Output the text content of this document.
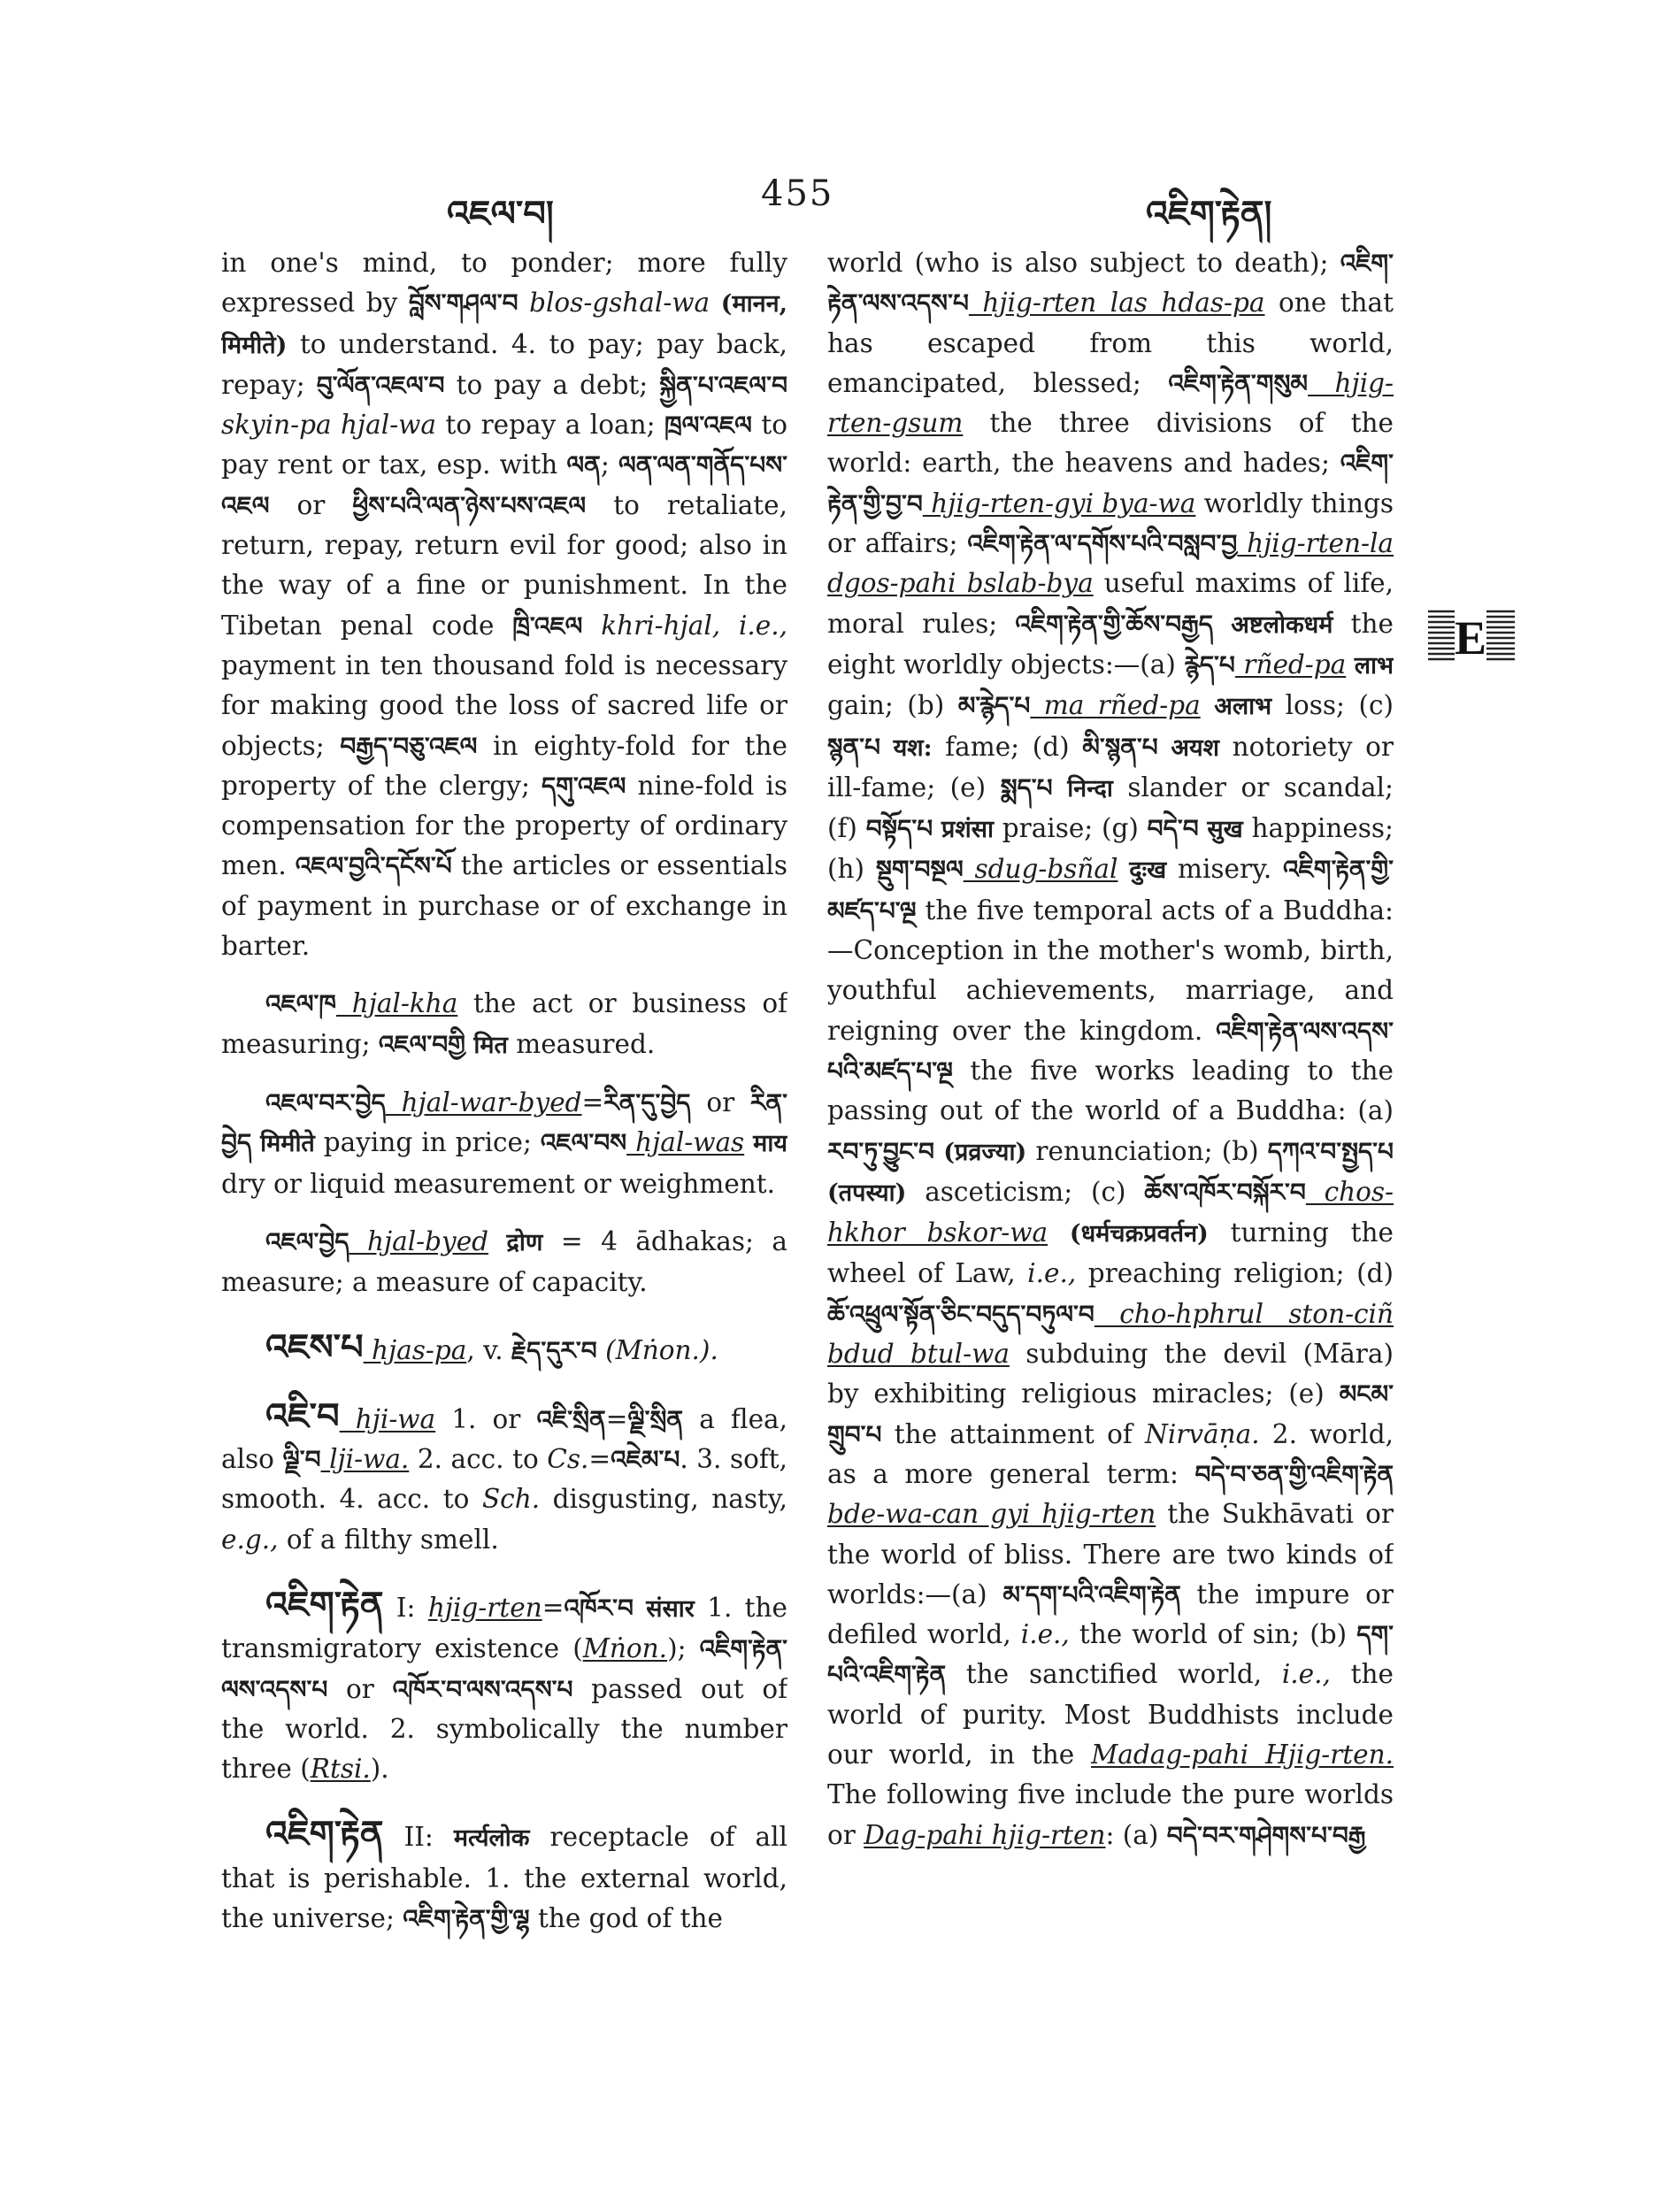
འཇལ་བ།	455	འཇིག་རྟེན།
E

in one's mind, to ponder; more fully expressed by བློས་གཤལ་བ blos-gshal-wa (मानन, मिमीते) to understand. 4. to pay; pay back, repay; བུ་ལོན་འཇལ་བ to pay a debt; སྐྱིན་པ་འཇལ་བ skyin-pa hjal-wa to repay a loan; ཁྲལ་འཇལ to pay rent or tax, esp. with ལན; ལན་ལན་གནོད་པས་འཇལ or ཕྱིས་པའི་ལན་ཉེས་པས་འཇལ to retaliate, return, repay, return evil for good; also in the way of a fine or punishment. In the Tibetan penal code ཁྲི་འཇལ khri-hjal, i.e., payment in ten thousand fold is necessary for making good the loss of sacred life or objects; བརྒྱད་བཅུ་འཇལ in eighty-fold for the property of the clergy; དགུ་འཇལ nine-fold is compensation for the property of ordinary men. འཇལ་བྱའི་དངོས་པོ the articles or essentials of payment in purchase or of exchange in barter.

འཇལ་ཁ hjal-kha the act or business of measuring; འཇལ་བགྱི मित measured.

འཇལ་བར་བྱེད hjal-war-byed=རིན་དུ་བྱེད or རིན་བྱེད मिमीते paying in price; འཇལ་བས hjal-was माय dry or liquid measurement or weighment.

འཇལ་བྱེད hjal-byed द्रोण = 4 ādhakas; a measure; a measure of capacity.

འཇས་པ hjas-pa, v. རྗེད་དུར་བ (Mṅon.).

འཇི་བ hji-wa 1. or འཇི་སྲིན=ལྗི་སྲིན a flea, also ལྗི་བ lji-wa. 2. acc. to Cs.=འཇེམ་པ. 3. soft, smooth. 4. acc. to Sch. disgusting, nasty, e.g., of a filthy smell.

འཇིག་རྟེན I: hjig-rten=འཁོར་བ संसार 1. the transmigratory existence (Mṅon.); འཇིག་རྟེན་ལས་འདས་པ or འཁོར་བ་ལས་འདས་པ passed out of the world. 2. symbolically the number three (Rtsi.).

འཇིག་རྟེན II: मर्त्यलोक receptacle of all that is perishable. 1. the external world, the universe; འཇིག་རྟེན་གྱི་ལྷ the god of the

world (who is also subject to death); འཇིག་རྟེན་ལས་འདས་པ hjig-rten las hdas-pa one that has escaped from this world, emancipated, blessed; འཇིག་རྟེན་གསུམ hjig-rten-gsum the three divisions of the world: earth, the heavens and hades; འཇིག་རྟེན་གྱི་བྱ་བ hjig-rten-gyi bya-wa worldly things or affairs; འཇིག་རྟེན་ལ་དགོས་པའི་བསླབ་བྱ hjig-rten-la dgos-pahi bslab-bya useful maxims of life, moral rules; འཇིག་རྟེན་གྱི་ཆོས་བརྒྱད अष्टलोकधर्म the eight worldly objects:—(a) རྙེད་པ rñed-pa लाभ gain; (b) མ་རྙེད་པ ma rñed-pa अलाभ loss; (c) སྙན་པ यश: fame; (d) མི་སྙན་པ अयश notoriety or ill-fame; (e) སྨད་པ निन्दा slander or scandal; (f) བསྟོད་པ प्रशंसा praise; (g) བདེ་བ सुख happiness; (h) སྡུག་བསྔལ sdug-bsñal दुःख misery. འཇིག་རྟེན་གྱི་མཛད་པ་ལྔ the five temporal acts of a Buddha:—Conception in the mother's womb, birth, youthful achievements, marriage, and reigning over the kingdom. འཇིག་རྟེན་ལས་འདས་པའི་མཛད་པ་ལྔ the five works leading to the passing out of the world of a Buddha: (a) རབ་ཏུ་བྱུང་བ (प्रव्रज्या) renunciation; (b) དཀའ་བ་སྤྱད་པ (तपस्या) asceticism; (c) ཆོས་འཁོར་བསྐོར་བ chos-hkhor bskor-wa (धर्मचक्रप्रवर्तन) turning the wheel of Law, i.e., preaching religion; (d) ཆོ་འཕྲུལ་སྟོན་ཅིང་བདུད་བཏུལ་བ cho-hphrul ston-ciñ bdud btul-wa subduing the devil (Māra) by exhibiting religious miracles; (e) མངམ་གྲུབ་པ the attainment of Nirvāṇa. 2. world, as a more general term: བདེ་བ་ཅན་གྱི་འཇིག་རྟེན bde-wa-can gyi hjig-rten the Sukhāvati or the world of bliss. There are two kinds of worlds:—(a) མ་དག་པའི་འཇིག་རྟེན the impure or defiled world, i.e., the world of sin; (b) དག་པའི་འཇིག་རྟེན the sanctified world, i.e., the world of purity. Most Buddhists include our world, in the Madag-pahi Hjig-rten. The following five include the pure worlds or Dag-pahi hjig-rten: (a) བདེ་བར་གཤེགས་པ་བརྒྱ
